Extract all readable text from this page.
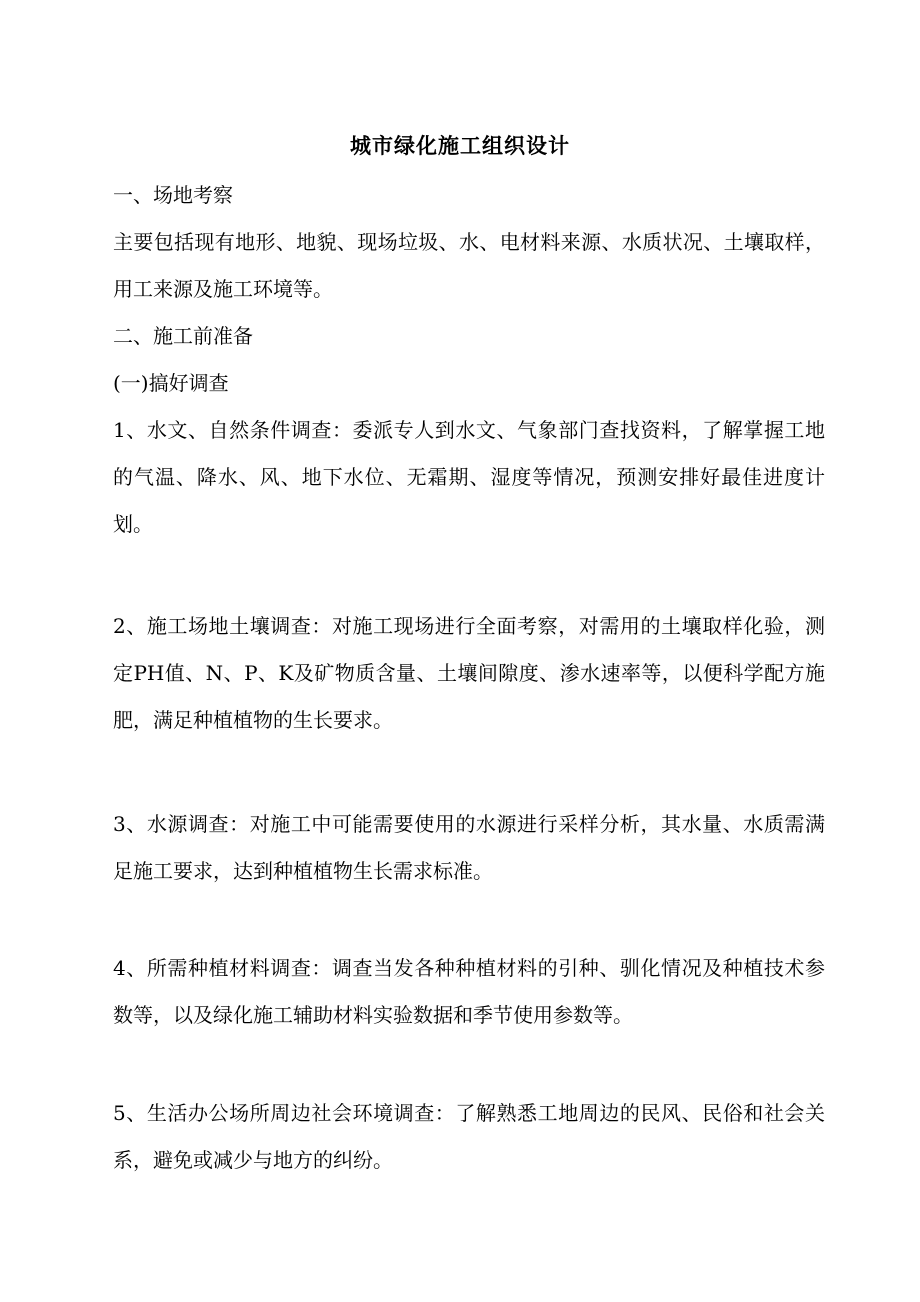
城市绿化施工组织设计

一、场地考察

主要包括现有地形、地貌、现场垃圾、水、电材料来源、水质状况、土壤取样，用工来源及施工环境等。

二、施工前准备

(一)搞好调查

1、水文、自然条件调查：委派专人到水文、气象部门查找资料，了解掌握工地的气温、降水、风、地下水位、无霜期、湿度等情况，预测安排好最佳进度计划。

2、施工场地土壤调查：对施工现场进行全面考察，对需用的土壤取样化验，测定PH值、N、P、K及矿物质含量、土壤间隙度、渗水速率等，以便科学配方施肥，满足种植植物的生长要求。

3、水源调查：对施工中可能需要使用的水源进行采样分析，其水量、水质需满足施工要求，达到种植植物生长需求标准。

4、所需种植材料调查：调查当发各种种植材料的引种、驯化情况及种植技术参数等，以及绿化施工辅助材料实验数据和季节使用参数等。

5、生活办公场所周边社会环境调查：了解熟悉工地周边的民风、民俗和社会关系，避免或减少与地方的纠纷。
